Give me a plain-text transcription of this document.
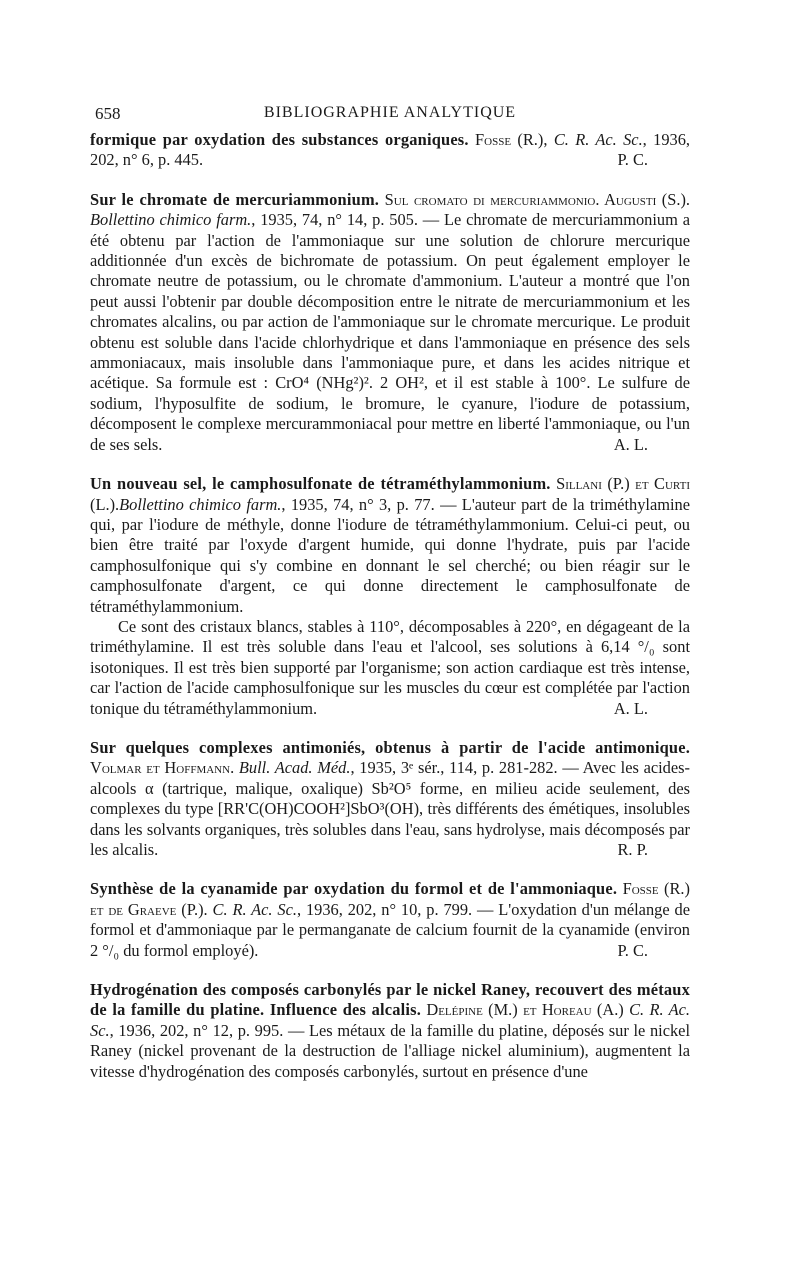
658	BIBLIOGRAPHIE ANALYTIQUE

formique par oxydation des substances organiques. Fosse (R.), C. R. Ac. Sc., 1936, 202, n° 6, p. 445.	P. C.

Sur le chromate de mercuriammonium. Sul cromato di mercuriammonio. Augusti (S.). Bollettino chimico farm., 1935, 74, n° 14, p. 505. — Le chromate de mercuriammonium a été obtenu par l'action de l'ammoniaque sur une solution de chlorure mercurique additionnée d'un excès de bichromate de potassium. On peut également employer le chromate neutre de potassium, ou le chromate d'ammonium. L'auteur a montré que l'on peut aussi l'obtenir par double décomposition entre le nitrate de mercuriammonium et les chromates alcalins, ou par action de l'ammoniaque sur le chromate mercurique. Le produit obtenu est soluble dans l'acide chlorhydrique et dans l'ammoniaque en présence des sels ammoniacaux, mais insoluble dans l'ammoniaque pure, et dans les acides nitrique et acétique. Sa formule est : CrO⁴ (NHg²)². 2 OH², et il est stable à 100°. Le sulfure de sodium, l'hyposulfite de sodium, le bromure, le cyanure, l'iodure de potassium, décomposent le complexe mercurammoniacal pour mettre en liberté l'ammoniaque, ou l'un de ses sels.	A. L.

Un nouveau sel, le camphosulfonate de tétraméthylammonium. Sillani (P.) et Curti (L.).Bollettino chimico farm., 1935, 74, n° 3, p. 77. — L'auteur part de la triméthylamine qui, par l'iodure de méthyle, donne l'iodure de tétraméthylammonium. Celui-ci peut, ou bien être traité par l'oxyde d'argent humide, qui donne l'hydrate, puis par l'acide camphosulfonique qui s'y combine en donnant le sel cherché; ou bien réagir sur le camphosulfonate d'argent, ce qui donne directement le camphosulfonate de tétraméthylammonium.

Ce sont des cristaux blancs, stables à 110°, décomposables à 220°, en dégageant de la triméthylamine. Il est très soluble dans l'eau et l'alcool, ses solutions à 6,14 °/₀ sont isotoniques. Il est très bien supporté par l'organisme; son action cardiaque est très intense, car l'action de l'acide camphosulfonique sur les muscles du cœur est complétée par l'action tonique du tétraméthylammonium.	A. L.

Sur quelques complexes antimoniés, obtenus à partir de l'acide antimonique. Volmar et Hoffmann. Bull. Acad. Méd., 1935, 3ᵉ sér., 114, p. 281-282. — Avec les acides-alcools α (tartrique, malique, oxalique) Sb²O⁵ forme, en milieu acide seulement, des complexes du type [RR'C(OH)COOH²]SbO³(OH), très différents des émétiques, insolubles dans les solvants organiques, très solubles dans l'eau, sans hydrolyse, mais décomposés par les alcalis.	R. P.

Synthèse de la cyanamide par oxydation du formol et de l'ammoniaque. Fosse (R.) et de Graeve (P.). C. R. Ac. Sc., 1936, 202, n° 10, p. 799. — L'oxydation d'un mélange de formol et d'ammoniaque par le permanganate de calcium fournit de la cyanamide (environ 2 °/₀ du formol employé).	P. C.

Hydrogénation des composés carbonylés par le nickel Raney, recouvert des métaux de la famille du platine. Influence des alcalis. Delépine (M.) et Horeau (A.) C. R. Ac. Sc., 1936, 202, n° 12, p. 995. — Les métaux de la famille du platine, déposés sur le nickel Raney (nickel provenant de la destruction de l'alliage nickel aluminium), augmentent la vitesse d'hydrogénation des composés carbonylés, surtout en présence d'une
